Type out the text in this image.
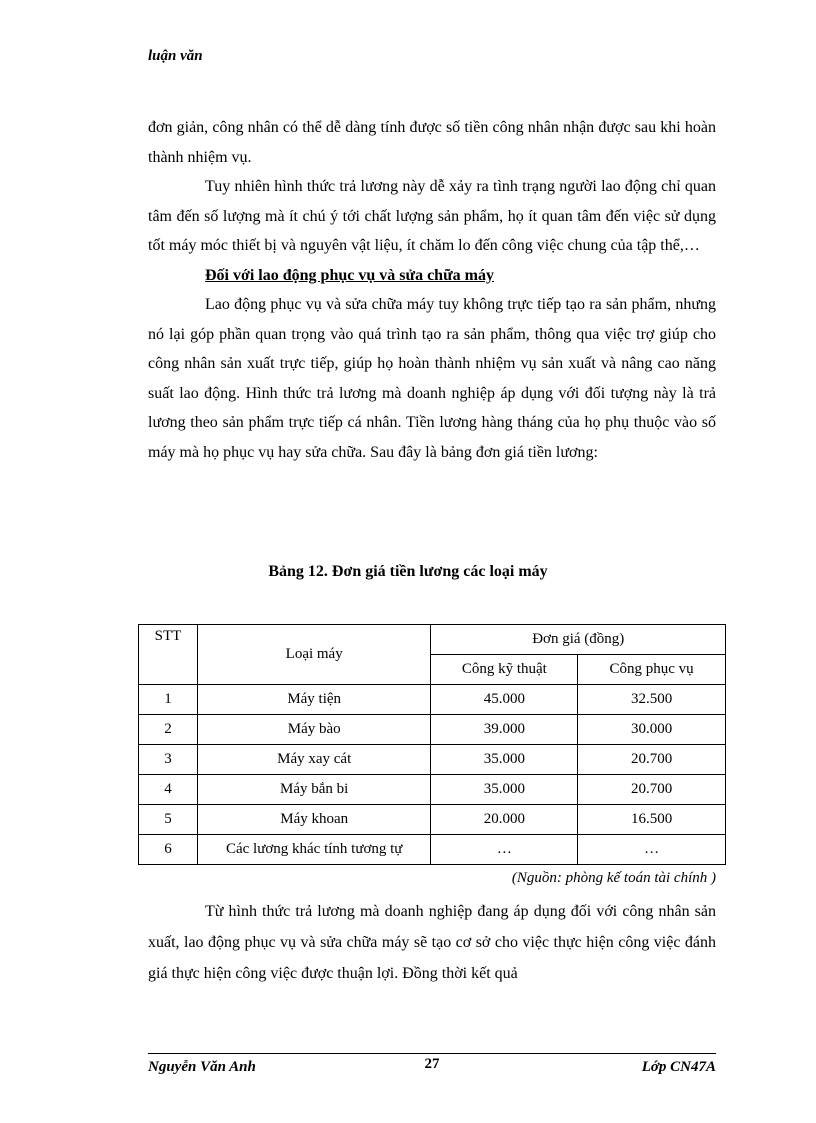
luận văn

đơn giản, công nhân có thể dễ dàng tính được số tiền công nhân nhận được sau khi hoàn thành nhiệm vụ.

Tuy nhiên hình thức trả lương này dễ xảy ra tình trạng người lao động chỉ quan tâm đến số lượng mà ít chú ý tới chất lượng sản phẩm, họ ít quan tâm đến việc sử dụng tốt máy móc thiết bị và nguyên vật liệu, ít chăm lo đến công việc chung của tập thể,…

Đối với lao động phục vụ và sửa chữa máy

Lao động phục vụ và sửa chữa máy tuy không trực tiếp tạo ra sản phẩm, nhưng nó lại góp phần quan trọng vào quá trình tạo ra sản phẩm, thông qua việc trợ giúp cho công nhân sản xuất trực tiếp, giúp họ hoàn thành nhiệm vụ sản xuất và nâng cao năng suất lao động. Hình thức trả lương mà doanh nghiệp áp dụng với đối tượng này là trả lương theo sản phẩm trực tiếp cá nhân. Tiền lương hàng tháng của họ phụ thuộc vào số máy mà họ phục vụ hay sửa chữa. Sau đây là bảng đơn giá tiền lương:

Bảng 12. Đơn giá tiền lương các loại máy
STT	Loại máy	Đơn giá (đồng)	
		Công kỹ thuật	Công phục vụ
1	Máy tiện	45.000	32.500
2	Máy bào	39.000	30.000
3	Máy xay cát	35.000	20.700
4	Máy bắn bi	35.000	20.700
5	Máy khoan	20.000	16.500
6	Các lương khác tính tương tự	…	…
(Nguồn: phòng kế toán tài chính )

Từ hình thức trả lương mà doanh nghiệp đang áp dụng đối với công nhân sản xuất, lao động phục vụ và sửa chữa máy sẽ tạo cơ sở cho việc thực hiện công việc đánh giá thực hiện công việc được thuận lợi. Đồng thời kết quả

Nguyễn Văn Anh	27	Lớp CN47A
